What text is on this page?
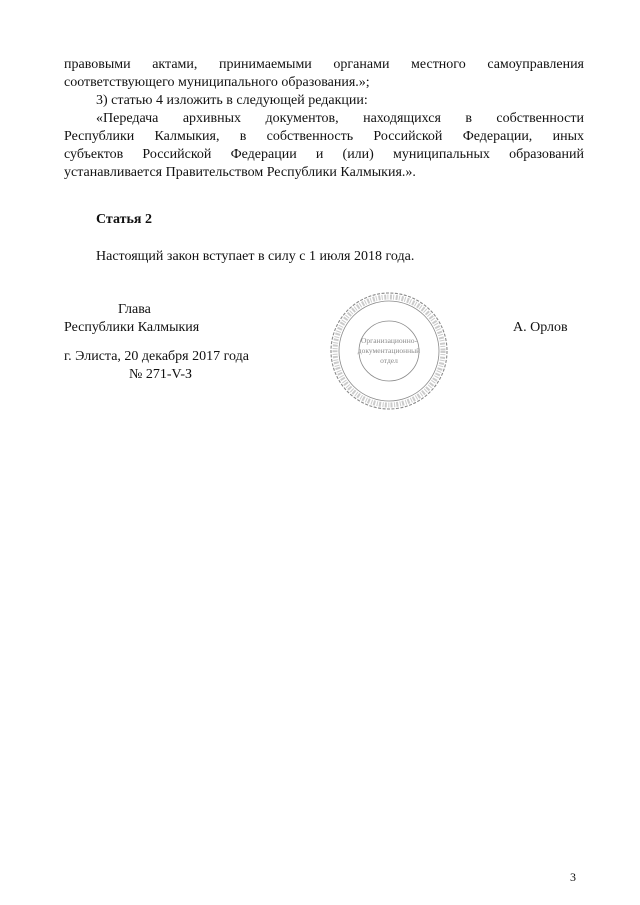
правовыми актами, принимаемыми органами местного самоуправления
соответствующего муниципального образования.»;
3) статью 4 изложить в следующей редакции:
«Передача архивных документов, находящихся в собственности
Республики Калмыкия, в собственность Российской Федерации, иных
субъектов Российской Федерации и (или) муниципальных образований
устанавливается Правительством Республики Калмыкия.».
Статья 2
Настоящий закон вступает в силу с 1 июля 2018 года.
Глава
Республики Калмыкия	А. Орлов
г. Элиста, 20 декабря 2017 года
№ 271-V-З
Организационно-
документационный
отдел
3
